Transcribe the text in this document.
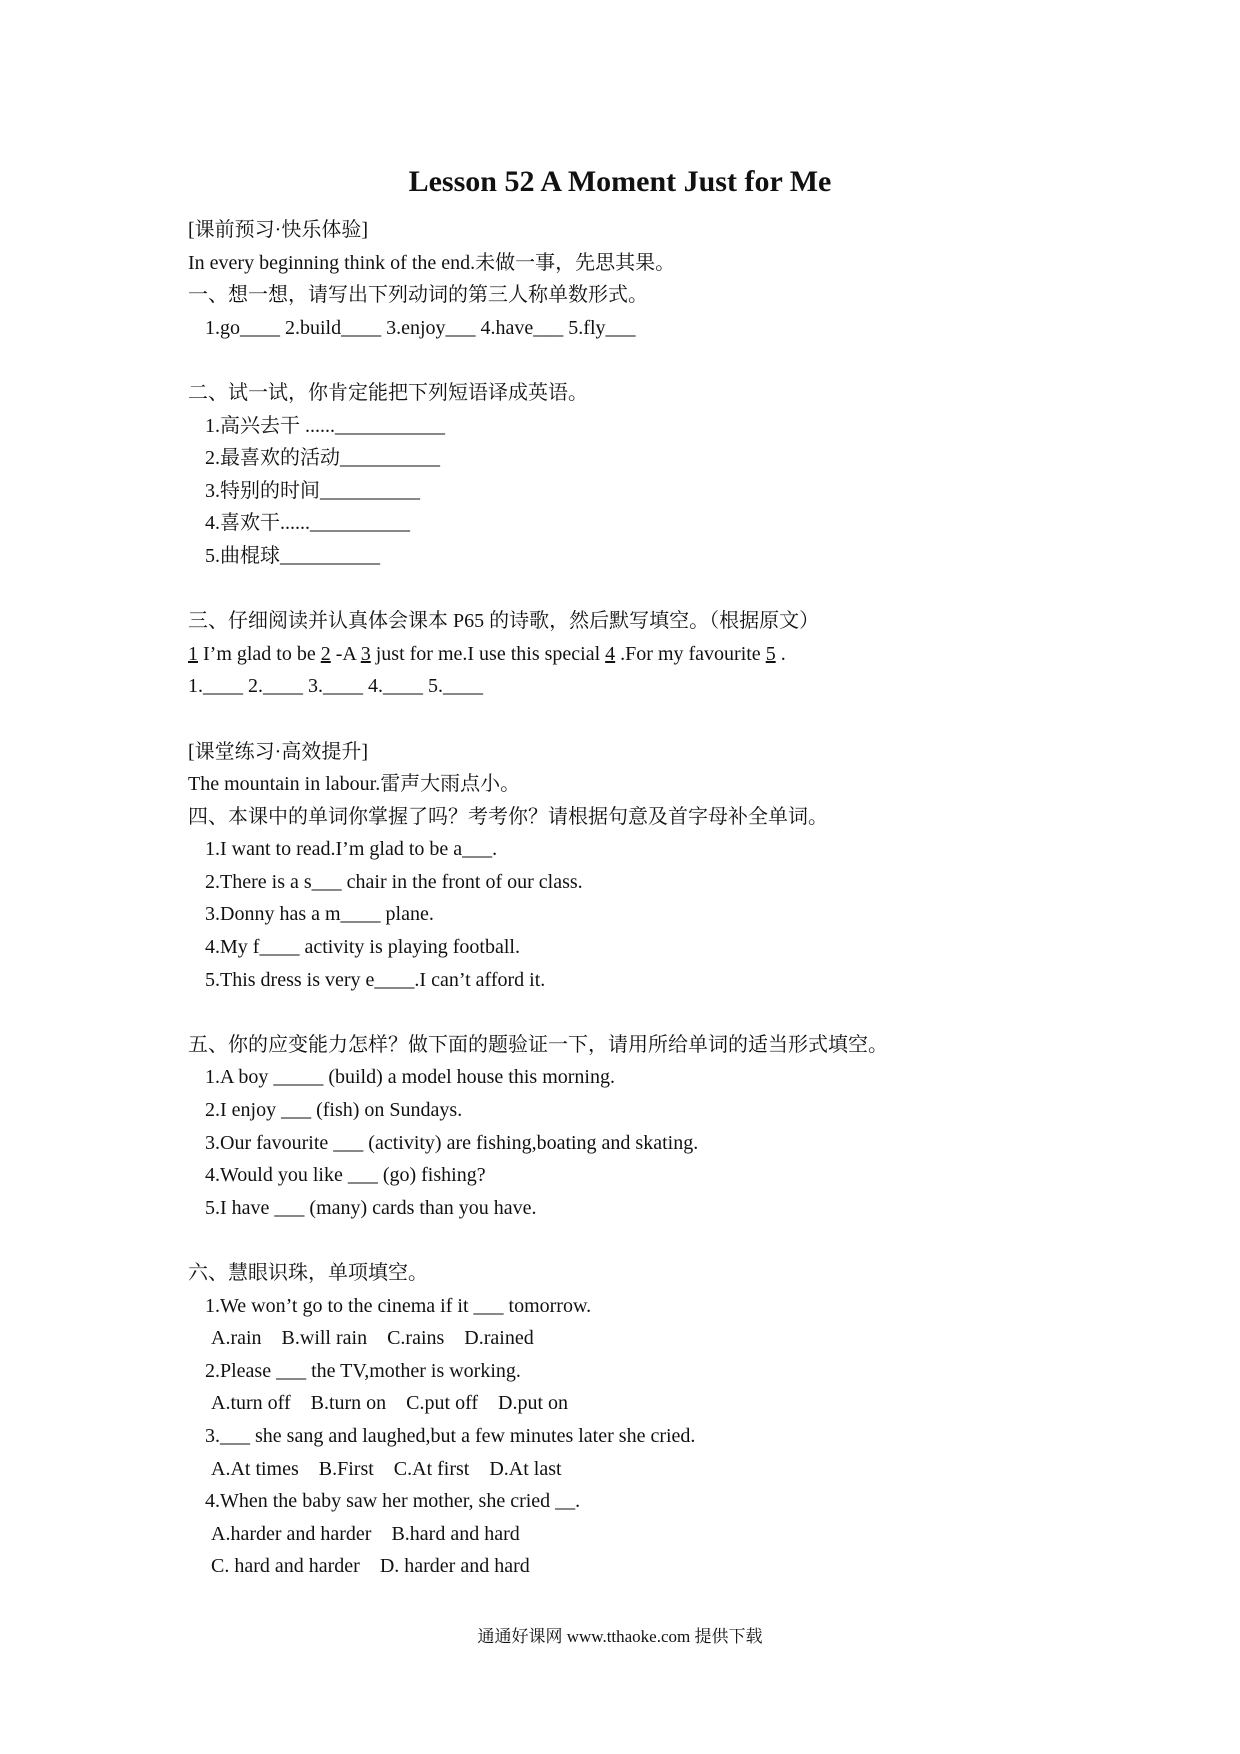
Lesson 52 A Moment Just for Me
[课前预习·快乐体验]
In every beginning think of the end.未做一事，先思其果。
一、想一想，请写出下列动词的第三人称单数形式。
1.go____ 2.build____ 3.enjoy___ 4.have___ 5.fly___
二、试一试，你肯定能把下列短语译成英语。
1.高兴去干 ......___________
2.最喜欢的活动__________
3.特别的时间__________
4.喜欢干......__________
5.曲棍球__________
三、仔细阅读并认真体会课本 P65 的诗歌，然后默写填空。（根据原文）
1 I’m glad to be 2 -A 3 just for me.I use this special 4 .For my favourite 5 .
1.____ 2.____ 3.____ 4.____ 5.____
[课堂练习·高效提升]
The mountain in labour.雷声大雨点小。
四、本课中的单词你掌握了吗？考考你？请根据句意及首字母补全单词。
1.I want to read.I’m glad to be a___.
2.There is a s___ chair in the front of our class.
3.Donny has a m____ plane.
4.My f____ activity is playing football.
5.This dress is very e____.I can’t afford it.
五、你的应变能力怎样？做下面的题验证一下，请用所给单词的适当形式填空。
1.A boy _____ (build) a model house this morning.
2.I enjoy ___ (fish) on Sundays.
3.Our favourite ___ (activity) are fishing,boating and skating.
4.Would you like ___ (go) fishing?
5.I have ___ (many) cards than you have.
六、慧眼识珠，单项填空。
1.We won’t go to the cinema if it ___ tomorrow.
A.rain    B.will rain    C.rains    D.rained
2.Please ___ the TV,mother is working.
A.turn off    B.turn on    C.put off    D.put on
3.___ she sang and laughed,but a few minutes later she cried.
A.At times    B.First    C.At first    D.At last
4.When the baby saw her mother, she cried __.
A.harder and harder    B.hard and hard
C. hard and harder    D. harder and hard
通通好课网 www.tthaoke.com 提供下载
